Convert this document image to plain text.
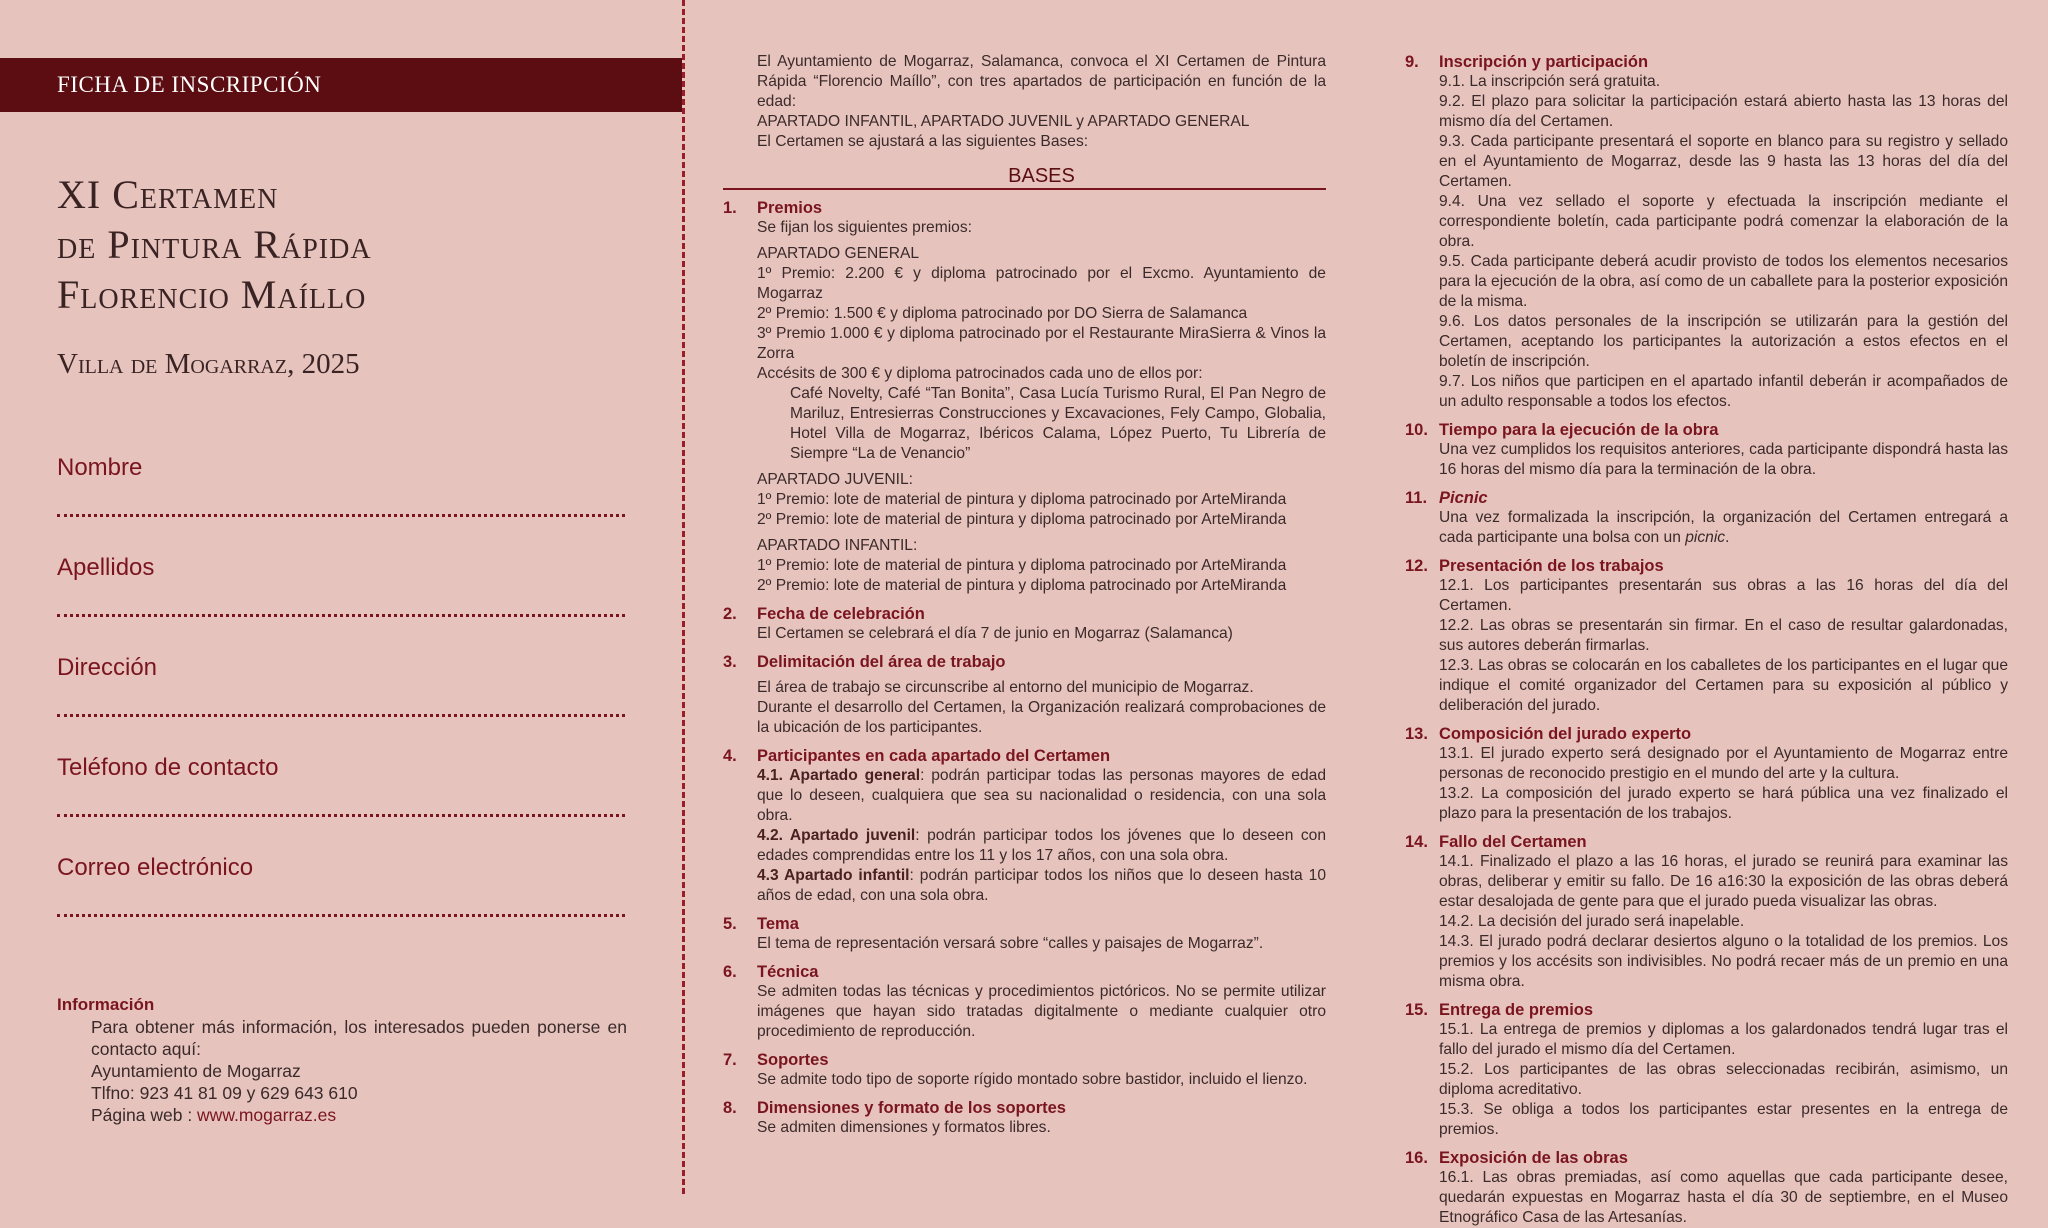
FICHA DE INSCRIPCIÓN
XI Certamen
de Pintura Rápida
Florencio Maíllo
Villa de Mogarraz, 2025
Nombre
Apellidos
Dirección
Teléfono de contacto
Correo electrónico
Información
Para obtener más información, los interesados pueden ponerse en contacto aquí:
Ayuntamiento de Mogarraz
Tlfno: 923 41 81 09 y 629 643 610
Página web : www.mogarraz.es
El Ayuntamiento de Mogarraz, Salamanca, convoca el XI Certamen de Pintura Rápida “Florencio Maíllo”, con tres apartados de participación en función de la edad:
APARTADO INFANTIL, APARTADO JUVENIL y APARTADO GENERAL
El Certamen se ajustará a las siguientes Bases:
BASES
1. Premios
Se fijan los siguientes premios:
APARTADO GENERAL
1º Premio: 2.200 € y diploma patrocinado por el Excmo. Ayuntamiento de Mogarraz
2º Premio: 1.500 € y diploma patrocinado por DO Sierra de Salamanca
3º Premio 1.000 € y diploma patrocinado por el Restaurante MiraSierra & Vinos la Zorra
Accésits de 300 € y diploma patrocinados cada uno de ellos por:
Café Novelty, Café “Tan Bonita”, Casa Lucía Turismo Rural, El Pan Negro de Mariluz, Entresierras Construcciones y Excavaciones, Fely Campo, Globalia, Hotel Villa de Mogarraz, Ibéricos Calama, López Puerto, Tu Librería de Siempre “La de Venancio”
APARTADO JUVENIL:
1º Premio: lote de material de pintura y diploma patrocinado por ArteMiranda
2º Premio: lote de material de pintura y diploma patrocinado por ArteMiranda
APARTADO INFANTIL:
1º Premio: lote de material de pintura y diploma patrocinado por ArteMiranda
2º Premio: lote de material de pintura y diploma patrocinado por ArteMiranda
2. Fecha de celebración
El Certamen se celebrará el día 7 de junio en Mogarraz (Salamanca)
3. Delimitación del área de trabajo
El área de trabajo se circunscribe al entorno del municipio de Mogarraz.
Durante el desarrollo del Certamen, la Organización realizará comprobaciones de la ubicación de los participantes.
4. Participantes en cada apartado del Certamen
4.1. Apartado general: podrán participar todas las personas mayores de edad que lo deseen, cualquiera que sea su nacionalidad o residencia, con una sola obra.
4.2. Apartado juvenil: podrán participar todos los jóvenes que lo deseen con edades comprendidas entre los 11 y los 17 años, con una sola obra.
4.3 Apartado infantil: podrán participar todos los niños que lo deseen hasta 10 años de edad, con una sola obra.
5. Tema
El tema de representación versará sobre “calles y paisajes de Mogarraz”.
6. Técnica
Se admiten todas las técnicas y procedimientos pictóricos. No se permite utilizar imágenes que hayan sido tratadas digitalmente o mediante cualquier otro procedimiento de reproducción.
7. Soportes
Se admite todo tipo de soporte rígido montado sobre bastidor, incluido el lienzo.
8. Dimensiones y formato de los soportes
Se admiten dimensiones y formatos libres.
9. Inscripción y participación
9.1. La inscripción será gratuita.
9.2. El plazo para solicitar la participación estará abierto hasta las 13 horas del mismo día del Certamen.
9.3. Cada participante presentará el soporte en blanco para su registro y sellado en el Ayuntamiento de Mogarraz, desde las 9 hasta las 13 horas del día del Certamen.
9.4. Una vez sellado el soporte y efectuada la inscripción mediante el correspondiente boletín, cada participante podrá comenzar la elaboración de la obra.
9.5. Cada participante deberá acudir provisto de todos los elementos necesarios para la ejecución de la obra, así como de un caballete para la posterior exposición de la misma.
9.6. Los datos personales de la inscripción se utilizarán para la gestión del Certamen, aceptando los participantes la autorización a estos efectos en el boletín de inscripción.
9.7. Los niños que participen en el apartado infantil deberán ir acompañados de un adulto responsable a todos los efectos.
10. Tiempo para la ejecución de la obra
Una vez cumplidos los requisitos anteriores, cada participante dispondrá hasta las 16 horas del mismo día para la terminación de la obra.
11. Picnic
Una vez formalizada la inscripción, la organización del Certamen entregará a cada participante una bolsa con un picnic.
12. Presentación de los trabajos
12.1. Los participantes presentarán sus obras a las 16 horas del día del Certamen.
12.2. Las obras se presentarán sin firmar. En el caso de resultar galardonadas, sus autores deberán firmarlas.
12.3. Las obras se colocarán en los caballetes de los participantes en el lugar que indique el comité organizador del Certamen para su exposición al público y deliberación del jurado.
13. Composición del jurado experto
13.1. El jurado experto será designado por el Ayuntamiento de Mogarraz entre personas de reconocido prestigio en el mundo del arte y la cultura.
13.2. La composición del jurado experto se hará pública una vez finalizado el plazo para la presentación de los trabajos.
14. Fallo del Certamen
14.1. Finalizado el plazo a las 16 horas, el jurado se reunirá para examinar las obras, deliberar y emitir su fallo. De 16 a16:30 la exposición de las obras deberá estar desalojada de gente para que el jurado pueda visualizar las obras.
14.2. La decisión del jurado será inapelable.
14.3. El jurado podrá declarar desiertos alguno o la totalidad de los premios. Los premios y los accésits son indivisibles. No podrá recaer más de un premio en una misma obra.
15. Entrega de premios
15.1. La entrega de premios y diplomas a los galardonados tendrá lugar tras el fallo del jurado el mismo día del Certamen.
15.2. Los participantes de las obras seleccionadas recibirán, asimismo, un diploma acreditativo.
15.3. Se obliga a todos los participantes estar presentes en la entrega de premios.
16. Exposición de las obras
16.1. Las obras premiadas, así como aquellas que cada participante desee, quedarán expuestas en Mogarraz hasta el día 30 de septiembre, en el Museo Etnográfico Casa de las Artesanías.
